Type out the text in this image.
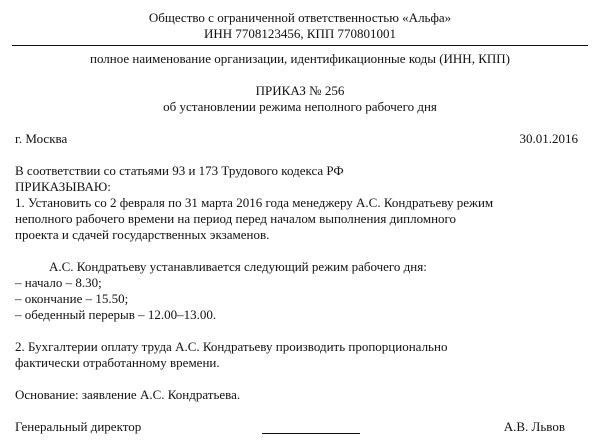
Общество с ограниченной ответственностью «Альфа»
ИНН 7708123456, КПП 770801001
полное наименование организации, идентификационные коды (ИНН, КПП)
ПРИКАЗ № 256
об установлении режима неполного рабочего дня
г. Москва	30.01.2016
В соответствии со статьями 93 и 173 Трудового кодекса РФ
ПРИКАЗЫВАЮ:
1. Установить со 2 февраля по 31 марта 2016 года менеджеру А.С. Кондратьеву режим
неполного рабочего времени на период перед началом выполнения дипломного
проекта и сдачей государственных экзаменов.
А.С. Кондратьеву устанавливается следующий режим рабочего дня:
– начало – 8.30;
– окончание – 15.50;
– обеденный перерыв – 12.00–13.00.
2. Бухгалтерии оплату труда А.С. Кондратьеву производить пропорционально
фактически отработанному времени.
Основание: заявление А.С. Кондратьева.
Генеральный директор	А.В. Львов
